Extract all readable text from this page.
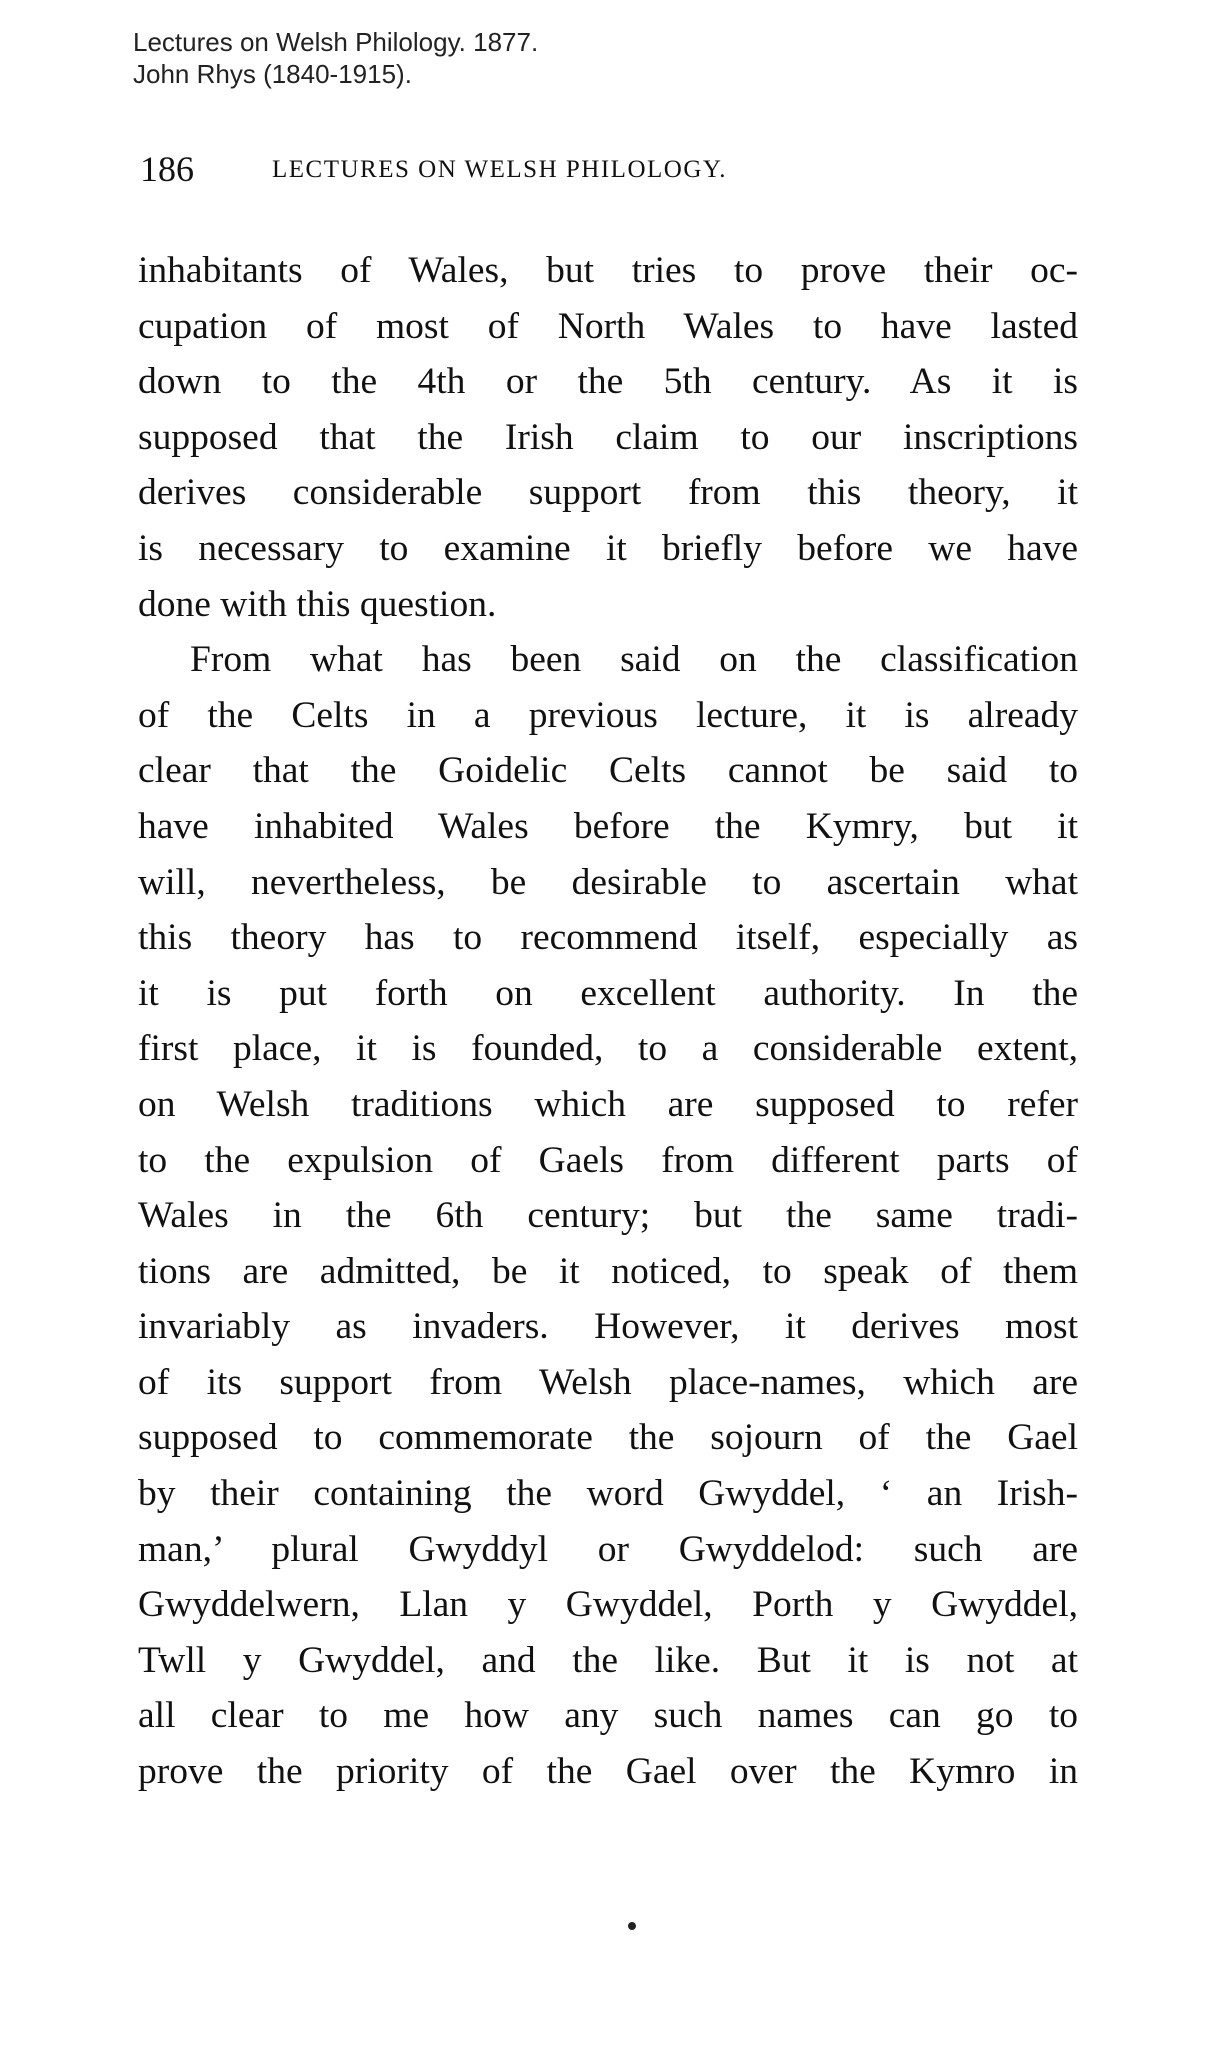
Lectures on Welsh Philology. 1877.
John Rhys (1840-1915).
186	LECTURES ON WELSH PHILOLOGY.

inhabitants of Wales, but tries to prove their oc-
cupation of most of North Wales to have lasted
down to the 4th or the 5th century. As it is
supposed that the Irish claim to our inscriptions
derives considerable support from this theory, it
is necessary to examine it briefly before we have
done with this question.

From what has been said on the classification
of the Celts in a previous lecture, it is already
clear that the Goidelic Celts cannot be said to
have inhabited Wales before the Kymry, but it
will, nevertheless, be desirable to ascertain what
this theory has to recommend itself, especially as
it is put forth on excellent authority. In the
first place, it is founded, to a considerable extent,
on Welsh traditions which are supposed to refer
to the expulsion of Gaels from different parts of
Wales in the 6th century; but the same tradi-
tions are admitted, be it noticed, to speak of them
invariably as invaders. However, it derives most
of its support from Welsh place-names, which are
supposed to commemorate the sojourn of the Gael
by their containing the word Gwyddel, ‘ an Irish-
man,’ plural Gwyddyl or Gwyddelod: such are
Gwyddelwern, Llan y Gwyddel, Porth y Gwyddel,
Twll y Gwyddel, and the like. But it is not at
all clear to me how any such names can go to
prove the priority of the Gael over the Kymro in
